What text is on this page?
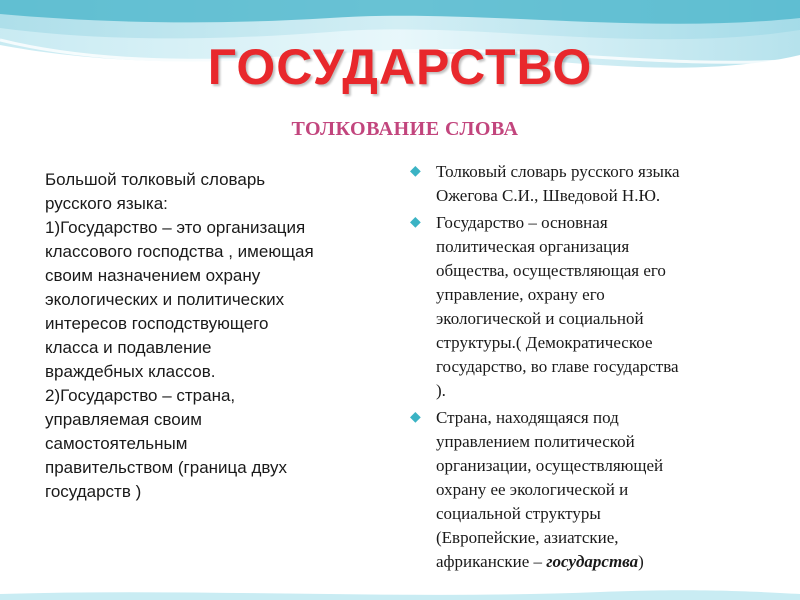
ГОСУДАРСТВО
ТОЛКОВАНИЕ СЛОВА
Большой толковый словарь
русского языка:
1)Государство – это организация
классового господства , имеющая
своим назначением охрану
экологических и политических
интересов господствующего
класса и подавление
враждебных классов.
2)Государство – страна,
управляемая своим
самостоятельным
правительством (граница двух
государств )
◆ Толковый словарь русского языка
Ожегова С.И., Шведовой Н.Ю.
◆ Государство – основная
политическая организация
общества, осуществляющая его
управление, охрану его
экологической и социальной
структуры.( Демократическое
государство, во главе государства
).
◆ Страна, находящаяся под
управлением политической
организации, осуществляющей
охрану ее экологической и
социальной структуры
(Европейские, азиатские,
африканские – государства)
